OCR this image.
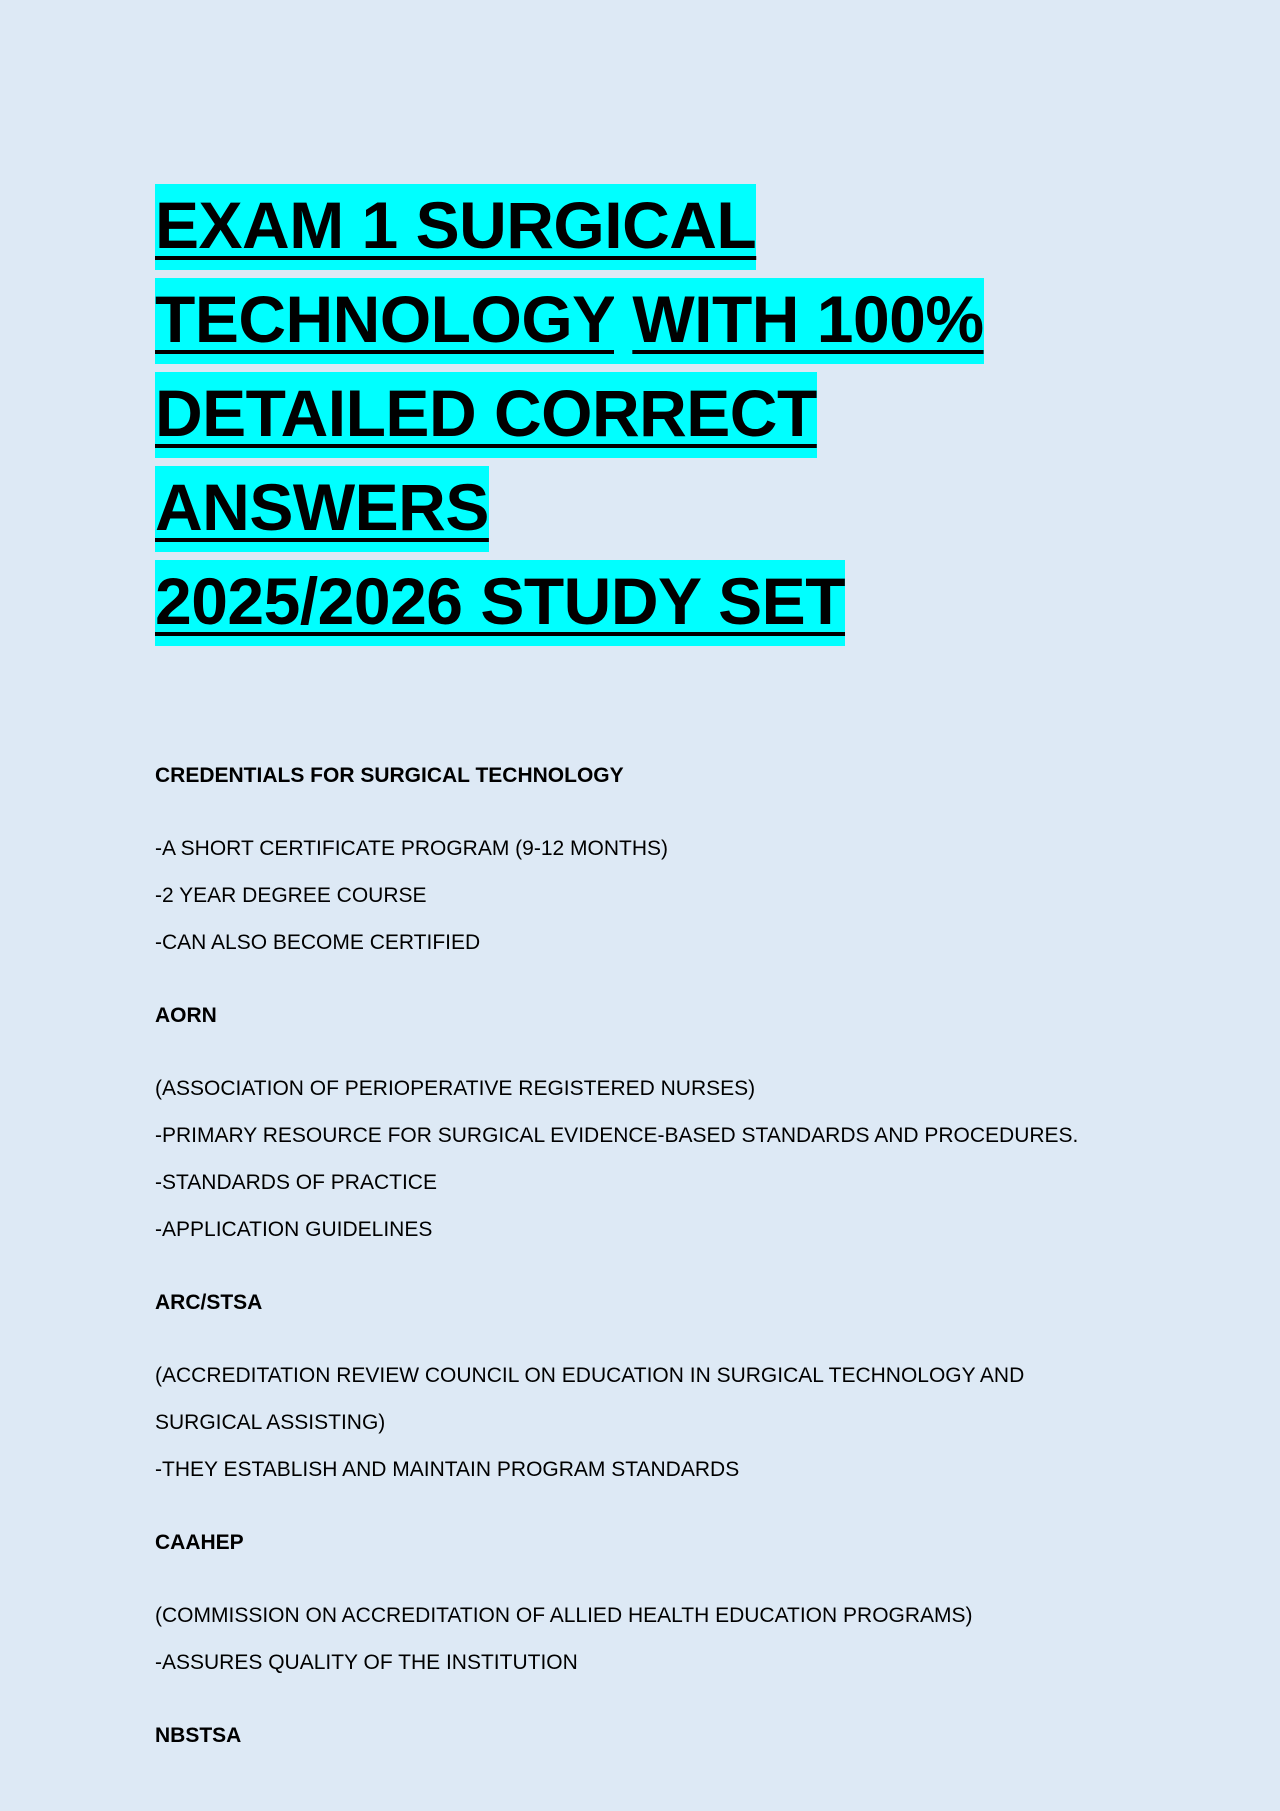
EXAM 1 SURGICAL
TECHNOLOGY WITH 100%
DETAILED CORRECT ANSWERS
2025/2026 STUDY SET

CREDENTIALS FOR SURGICAL TECHNOLOGY

-A SHORT CERTIFICATE PROGRAM (9-12 MONTHS)

-2 YEAR DEGREE COURSE

-CAN ALSO BECOME CERTIFIED

AORN

(ASSOCIATION OF PERIOPERATIVE REGISTERED NURSES)

-PRIMARY RESOURCE FOR SURGICAL EVIDENCE-BASED STANDARDS AND PROCEDURES.

-STANDARDS OF PRACTICE

-APPLICATION GUIDELINES

ARC/STSA

(ACCREDITATION REVIEW COUNCIL ON EDUCATION IN SURGICAL TECHNOLOGY AND

SURGICAL ASSISTING)

-THEY ESTABLISH AND MAINTAIN PROGRAM STANDARDS

CAAHEP

(COMMISSION ON ACCREDITATION OF ALLIED HEALTH EDUCATION PROGRAMS)

-ASSURES QUALITY OF THE INSTITUTION

NBSTSA
